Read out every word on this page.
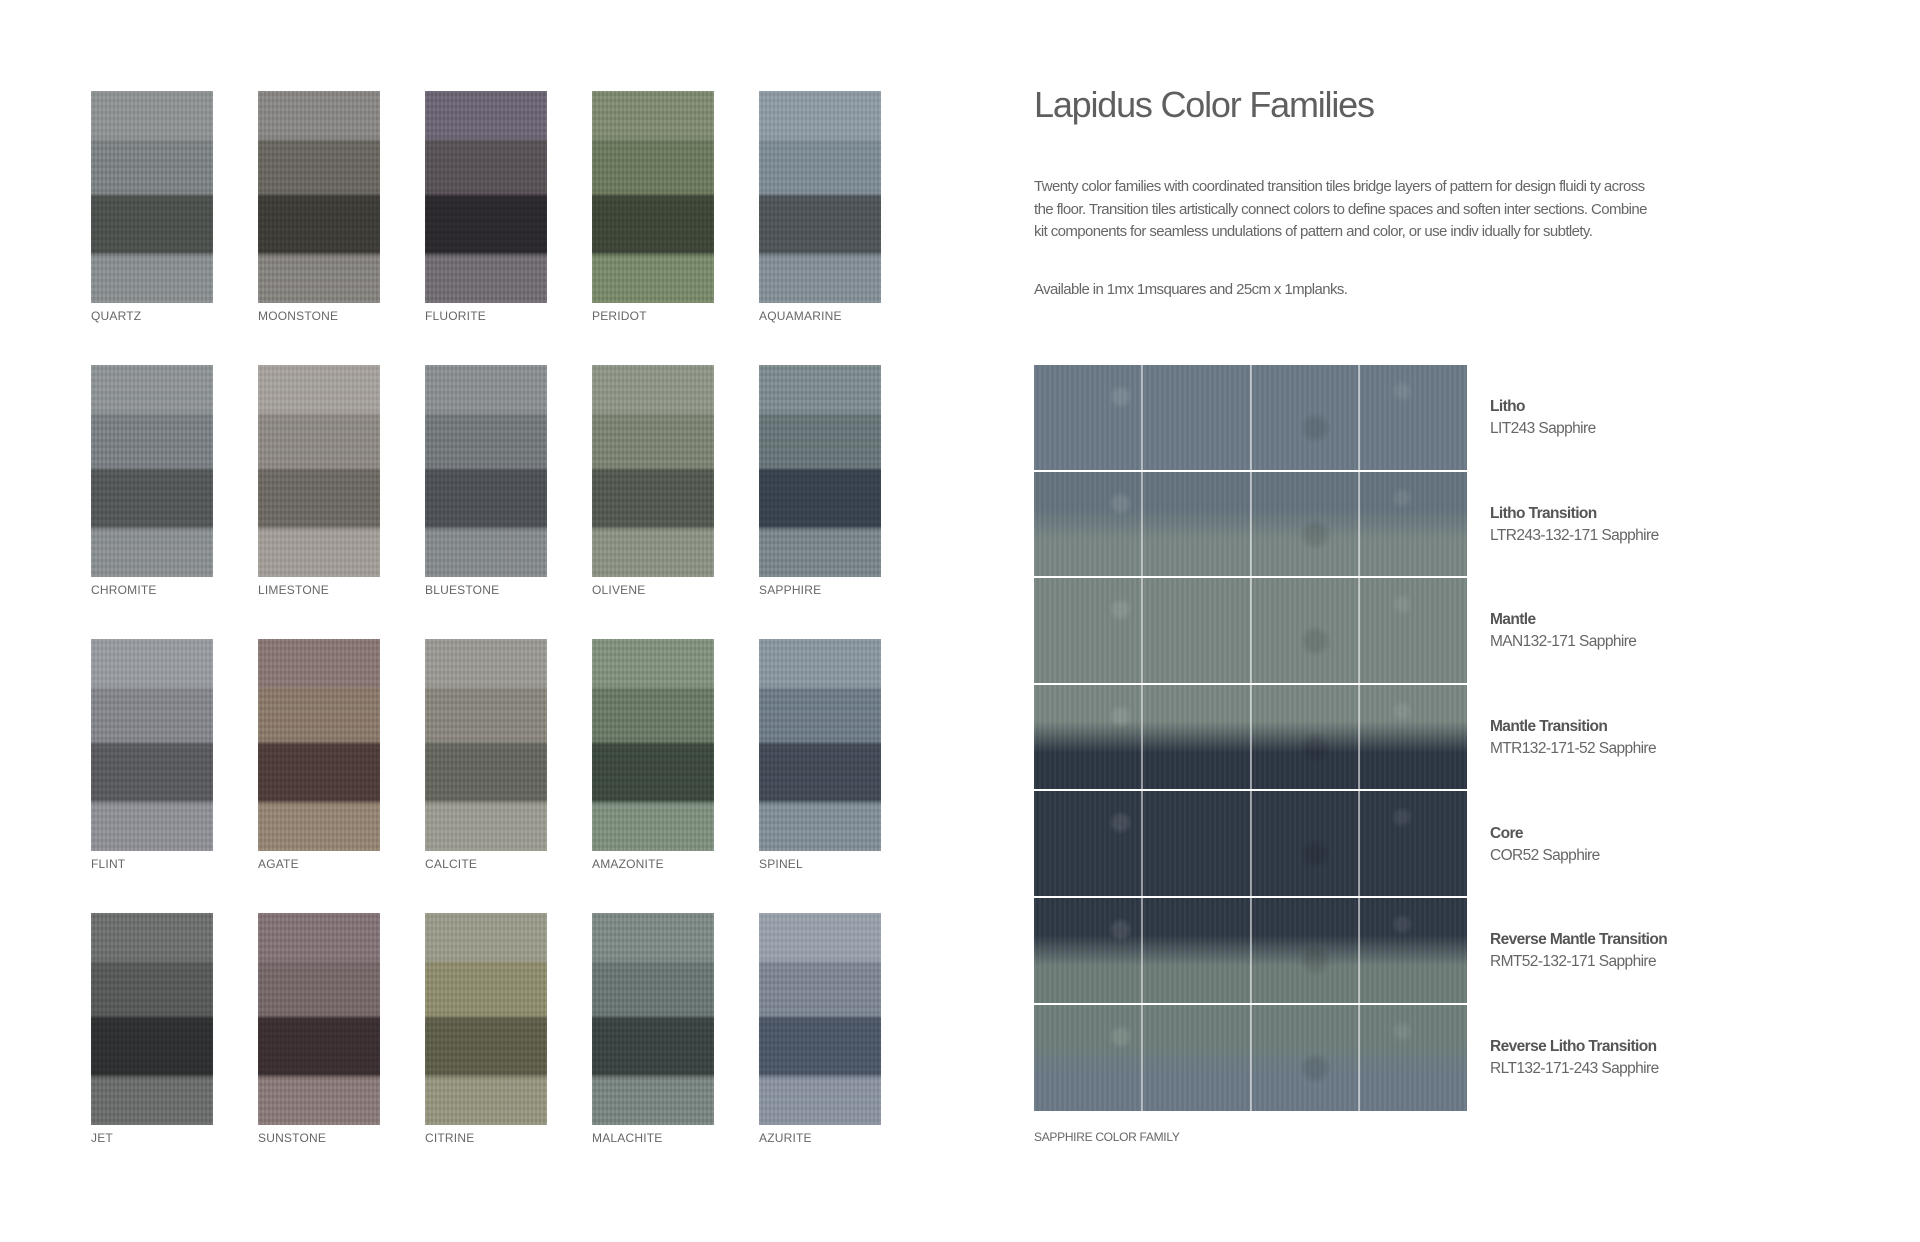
QUARTZ	MOONSTONE	FLUORITE	PERIDOT	AQUAMARINE
CHROMITE	LIMESTONE	BLUESTONE	OLIVENE	SAPPHIRE
FLINT	AGATE	CALCITE	AMAZONITE	SPINEL
JET	SUNSTONE	CITRINE	MALACHITE	AZURITE
Lapidus Color Families

Twenty color families with coordinated transition tiles bridge layers of pattern for design fluidi ty across the floor. Transition tiles artistically connect colors to define spaces and soften inter sections. Combine kit components for seamless undulations of pattern and color, or use indiv idually for subtlety.

Available in 1mx 1msquares and 25cm x 1mplanks.

Litho
LIT243 Sapphire
Litho Transition
LTR243-132-171 Sapphire
Mantle
MAN132-171 Sapphire
Mantle Transition
MTR132-171-52 Sapphire
Core
COR52 Sapphire
Reverse Mantle Transition
RMT52-132-171 Sapphire
Reverse Litho Transition
RLT132-171-243 Sapphire
SAPPHIRE COLOR FAMILY
